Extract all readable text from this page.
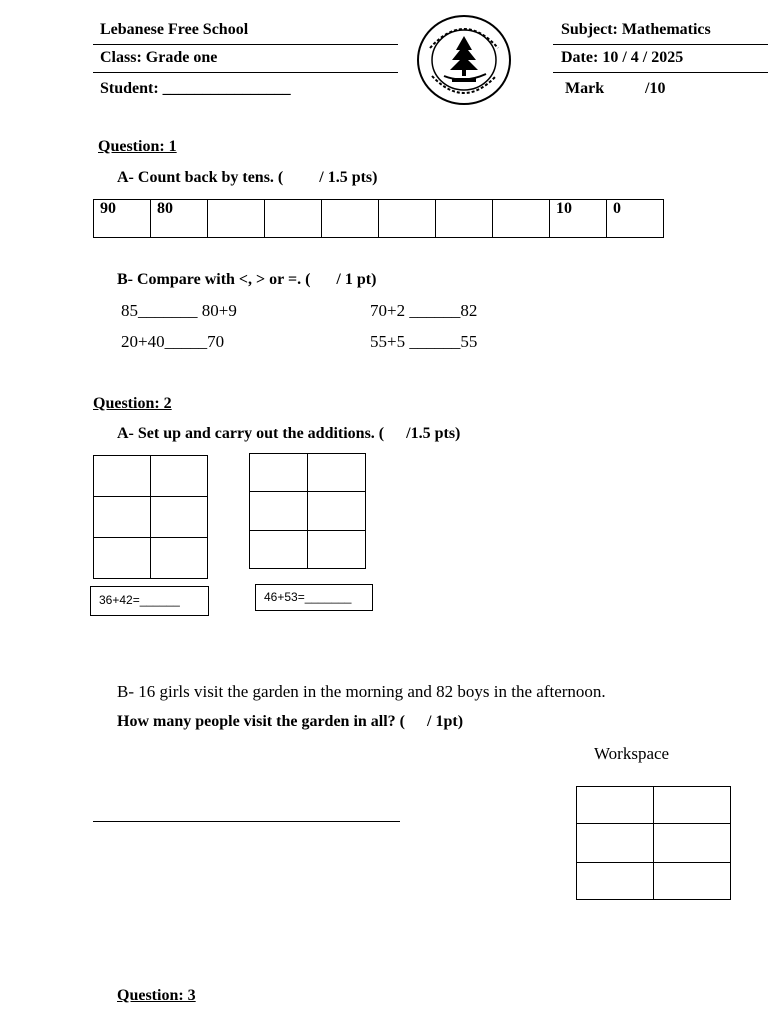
Lebanese Free School
Class: Grade one
Student: ________________
Subject: Mathematics
Date: 10 / 4 / 2025
Mark	/10
Question: 1
A- Count back by tens. ( / 1.5 pts)
90	80							10	0
B- Compare with <, > or =. ( / 1 pt)
85_______ 80+9	70+2 ______82
20+40_____70	55+5 ______55
Question: 2
A- Set up and carry out the additions. ( /1.5 pts)

36+42=______

		46+53=_______
B- 16 girls visit the garden in the morning and 82 boys in the afternoon.
How many people visit the garden in all? ( / 1pt)
Workspace

Question: 3
